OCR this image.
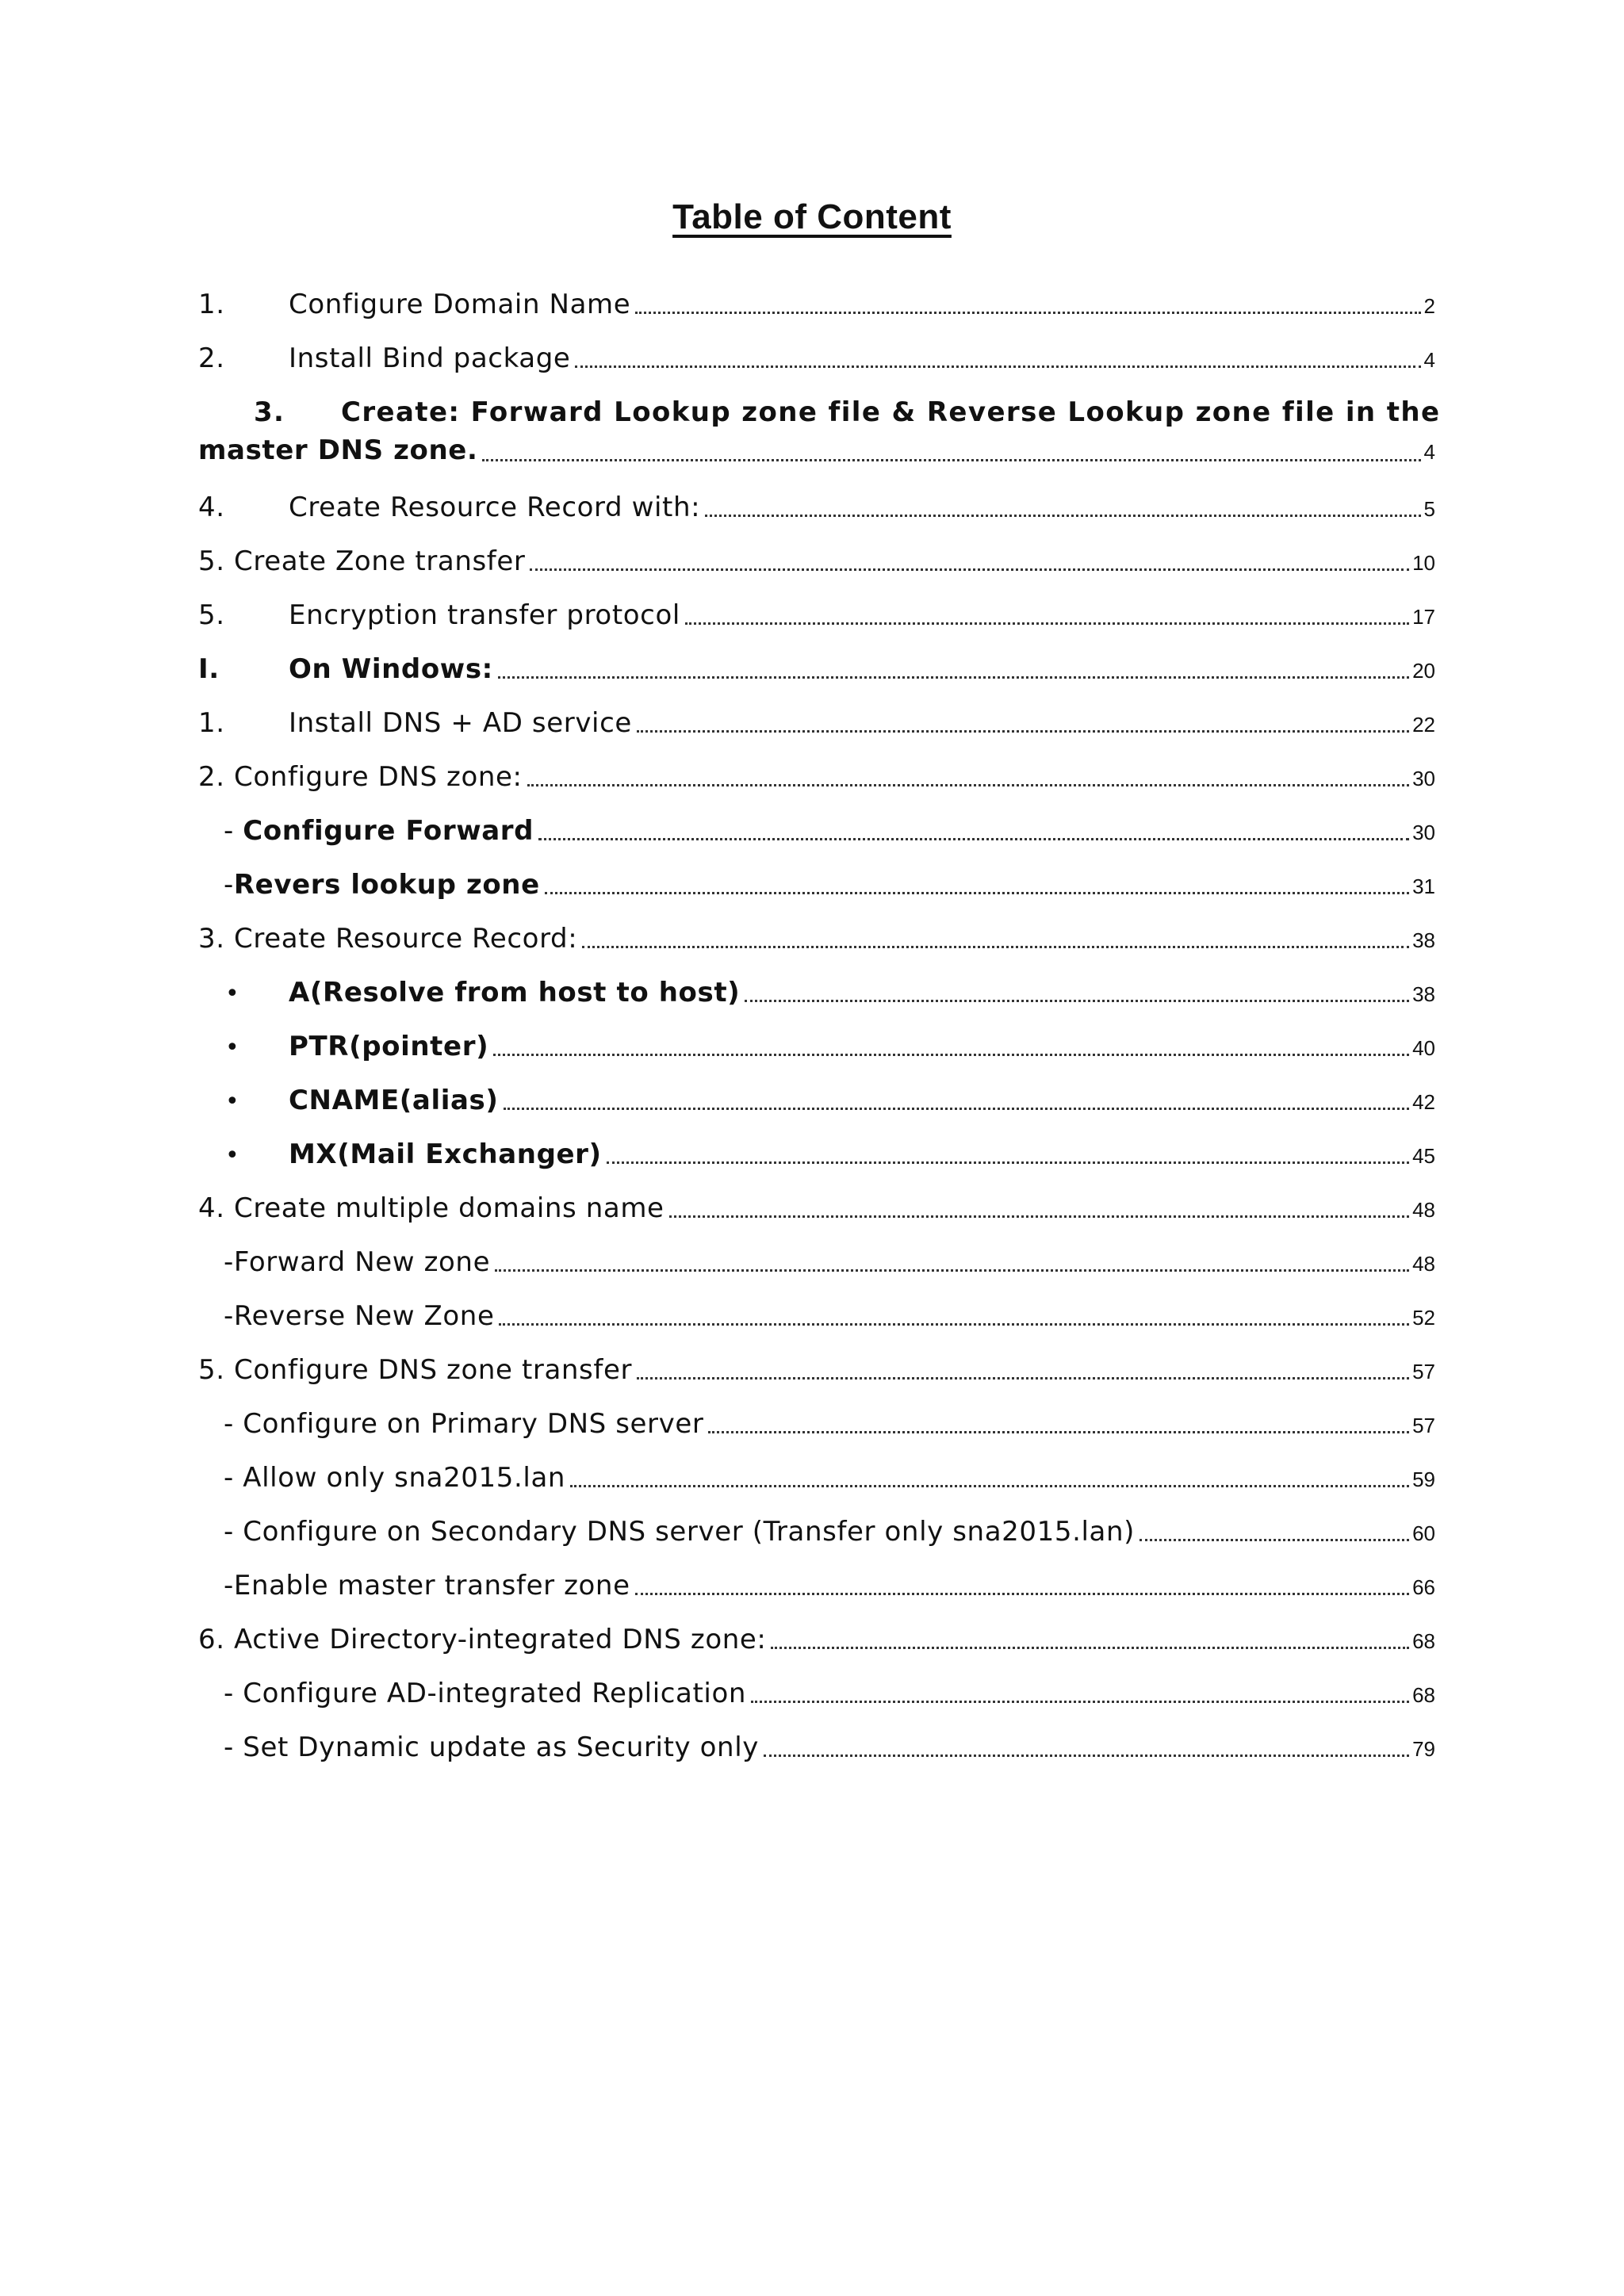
Table of Content
1.	Configure Domain Name	2
2.	Install Bind package	4
3. Create: Forward Lookup zone file & Reverse Lookup zone file in the
master DNS zone.	4
4.	Create Resource Record with:	5
5. Create Zone transfer	10
5.	Encryption transfer protocol	17
I.	On Windows:	20
1.	Install DNS + AD service	22
2. Configure DNS zone:	30
- Configure Forward	30
- Revers lookup zone	31
3. Create Resource Record:	38
•	A(Resolve from host to host)	38
•	PTR(pointer)	40
•	CNAME(alias)	42
•	MX(Mail Exchanger)	45
4. Create multiple domains name	48
-Forward New zone	48
-Reverse New Zone	52
5. Configure DNS zone transfer	57
- Configure on Primary DNS server	57
- Allow only sna2015.lan	59
- Configure on Secondary DNS server (Transfer only sna2015.lan)	60
-Enable master transfer zone	66
6. Active Directory-integrated DNS zone:	68
- Configure AD-integrated Replication	68
- Set Dynamic update as Security only	79
